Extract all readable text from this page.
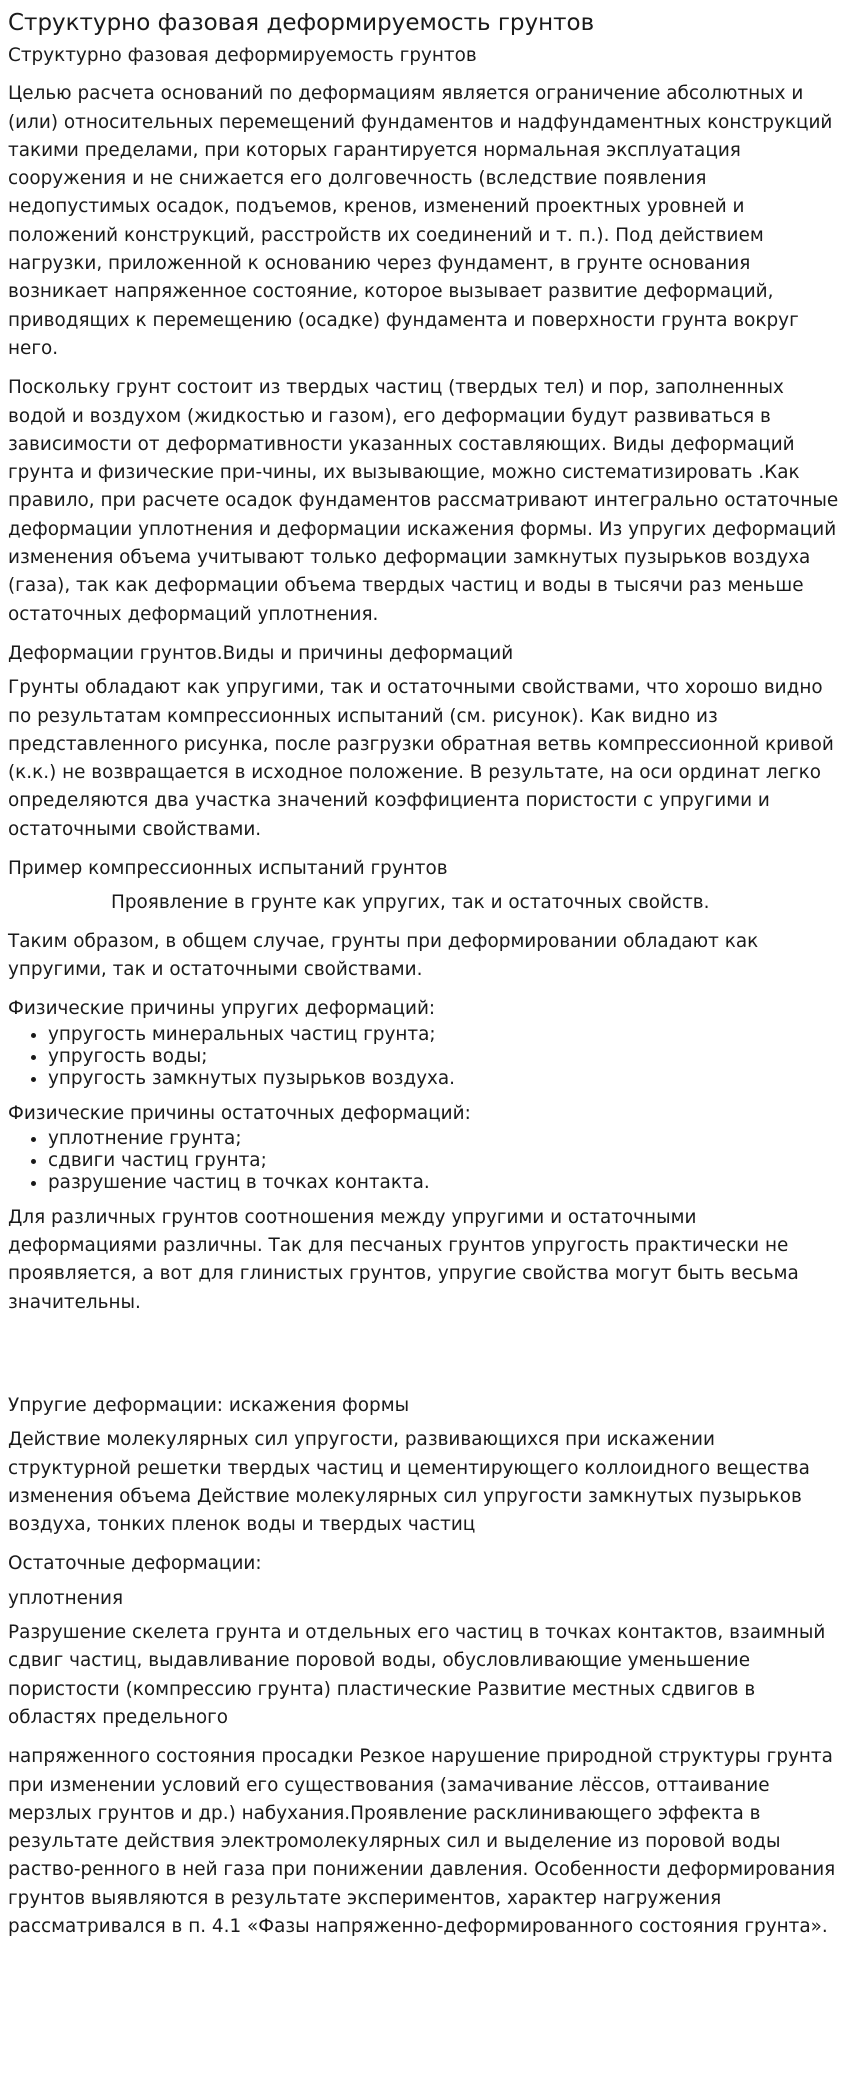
Структурно фазовая деформируемость грунтов

Структурно фазовая деформируемость грунтов

Целью расчета оснований по деформациям является ограничение абсолютных и (или) относительных перемещений фундаментов и надфундаментных конструкций такими пределами, при которых гарантируется нормальная эксплуатация сооружения и не снижается его долговечность (вследствие появления недопустимых осадок, подъемов, кренов, изменений проектных уровней и положений конструкций, расстройств их соединений и т. п.). Под действием нагрузки, приложенной к основанию через фундамент, в грунте основания возникает напряженное состояние, которое вызывает развитие деформаций, приводящих к перемещению (осадке) фундамента и поверхности грунта вокруг него.

Поскольку грунт состоит из твердых частиц (твердых тел) и пор, заполненных водой и воздухом (жидкостью и газом), его деформации будут развиваться в зависимости от деформативности указанных составляющих. Виды деформаций грунта и физические при-чины, их вызывающие, можно систематизировать .Как правило, при расчете осадок фундаментов рассматривают интегрально остаточные деформации уплотнения и деформации искажения формы. Из упругих деформаций изменения объема учитывают только деформации замкнутых пузырьков воздуха (газа), так как деформации объема твердых частиц и воды в тысячи раз меньше остаточных деформаций уплотнения.

Деформации грунтов.Виды и причины деформаций

Грунты обладают как упругими, так и остаточными свойствами, что хорошо видно по результатам компрессионных испытаний (см. рисунок). Как видно из представленного рисунка, после разгрузки обратная ветвь компрессионной кривой (к.к.) не возвращается в исходное положение. В результате, на оси ординат легко определяются два участка значений коэффициента пористости с упругими и остаточными свойствами.

Пример компрессионных испытаний грунтов

Проявление в грунте как упругих, так и остаточных свойств.

Таким образом, в общем случае, грунты при деформировании обладают как упругими, так и остаточными свойствами.

Физические причины упругих деформаций:

• упругость минеральных частиц грунта;
• упругость воды;
• упругость замкнутых пузырьков воздуха.

Физические причины остаточных деформаций:

• уплотнение грунта;
• сдвиги частиц грунта;
• разрушение частиц в точках контакта.

Для различных грунтов соотношения между упругими и остаточными деформациями различны. Так для песчаных грунтов упругость практически не проявляется, а вот для глинистых грунтов, упругие свойства могут быть весьма значительны.

Упругие деформации: искажения формы

Действие молекулярных сил упругости, развивающихся при искажении структурной решетки твердых частиц и цементирующего коллоидного вещества изменения объема Действие молекулярных сил упругости замкнутых пузырьков воздуха, тонких пленок воды и твердых частиц

Остаточные деформации:

уплотнения

Разрушение скелета грунта и отдельных его частиц в точках контактов, взаимный сдвиг частиц, выдавливание поровой воды, обусловливающие уменьшение пористости (компрессию грунта) пластические Развитие местных сдвигов в областях предельного

напряженного состояния просадки Резкое нарушение природной структуры грунта при изменении условий его существования (замачивание лёссов, оттаивание мерзлых грунтов и др.) набухания.Проявление расклинивающего эффекта в результате действия электромолекулярных сил и выделение из поровой воды раство-ренного в ней газа при понижении давления. Особенности деформирования грунтов выявляются в результате экспериментов, характер нагружения рассматривался в п. 4.1 «Фазы напряженно-деформированного состояния грунта».
